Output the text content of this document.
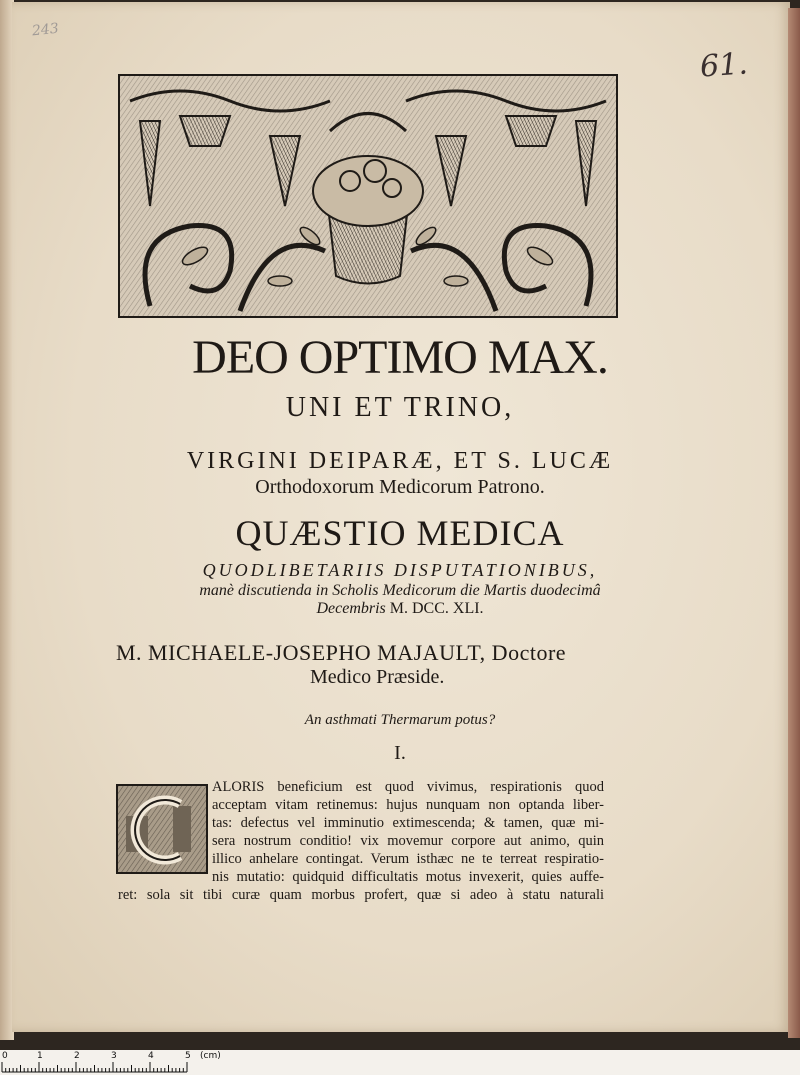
243
61.
DEO OPTIMO MAX.
UNI ET TRINO,
VIRGINI DEIPARÆ, ET S. LUCÆ
Orthodoxorum Medicorum Patrono.
QUÆSTIO MEDICA
QUODLIBETARIIS DISPUTATIONIBUS,
manè discutienda in Scholis Medicorum die Martis duodecimâ
Decembris M. DCC. XLI.
M. MICHAELE-JOSEPHO MAJAULT, Doctore
Medico Præside.
An asthmati Thermarum potus?
I.
ALORIS beneficium est quod vivimus, respirationis quod
acceptam vitam retinemus: hujus nunquam non optanda liber-
tas: defectus vel imminutio extimescenda; & tamen, quæ mi-
sera nostrum conditio! vix movemur corpore aut animo, quin
illico anhelare contingat. Verum isthæc ne te terreat respiratio-
nis mutatio: quidquid difficultatis motus invexerit, quies auffe-
ret: sola sit tibi curæ quam morbus profert, quæ si adeo à statu naturali
0	1	2	3	4	5 (cm)
